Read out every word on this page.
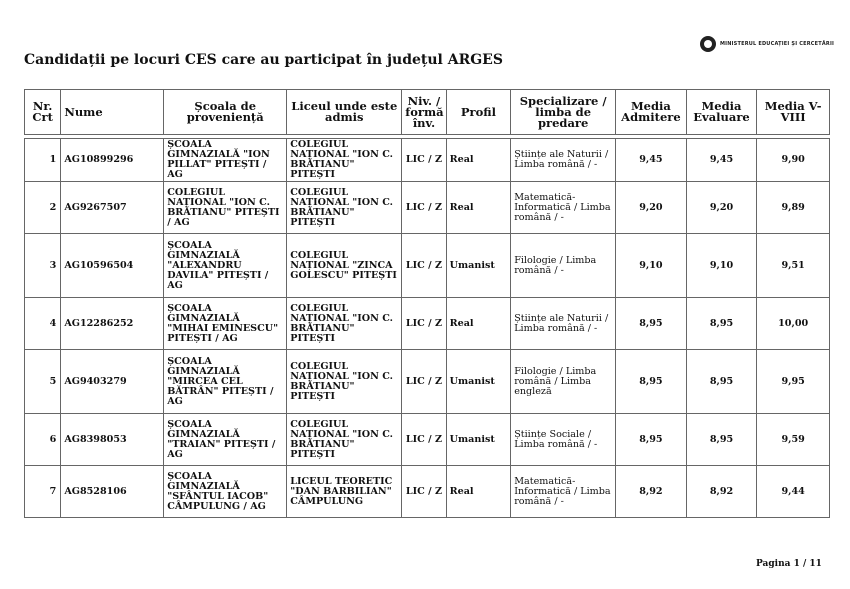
MINISTERUL EDUCAȚIEI ȘI CERCETĂRII
Candidații pe locuri CES care au participat în județul ARGES
Nr. Crt	Nume	Școala de proveniență	Liceul unde este admis	Niv. / formă înv.	Profil	Specializare / limba de predare	Media Admitere	Media Evaluare	Media V-VIII

1	AG10899296	ȘCOALA GIMNAZIALĂ "ION PILLAT" PITEȘTI / AG	COLEGIUL NAȚIONAL "ION C. BRĂTIANU" PITEȘTI	LIC / Z	Real	Științe ale Naturii / Limba română / -	9,45	9,45	9,90
2	AG9267507	COLEGIUL NAȚIONAL "ION C. BRĂTIANU" PITEȘTI / AG	COLEGIUL NAȚIONAL "ION C. BRĂTIANU" PITEȘTI	LIC / Z	Real	Matematică-Informatică / Limba română / -	9,20	9,20	9,89
3	AG10596504	ȘCOALA GIMNAZIALĂ "ALEXANDRU DAVILA" PITEȘTI / AG	COLEGIUL NAȚIONAL "ZINCA GOLESCU" PITEȘTI	LIC / Z	Umanist	Filologie / Limba română / -	9,10	9,10	9,51
4	AG12286252	ȘCOALA GIMNAZIALĂ "MIHAI EMINESCU" PITEȘTI / AG	COLEGIUL NAȚIONAL "ION C. BRĂTIANU" PITEȘTI	LIC / Z	Real	Științe ale Naturii / Limba română / -	8,95	8,95	10,00
5	AG9403279	ȘCOALA GIMNAZIALĂ "MIRCEA CEL BĂTRÂN" PITEȘTI / AG	COLEGIUL NAȚIONAL "ION C. BRĂTIANU" PITEȘTI	LIC / Z	Umanist	Filologie / Limba română / Limba engleză	8,95	8,95	9,95
6	AG8398053	ȘCOALA GIMNAZIALĂ "TRAIAN" PITEȘTI / AG	COLEGIUL NAȚIONAL "ION C. BRĂTIANU" PITEȘTI	LIC / Z	Umanist	Științe Sociale / Limba română / -	8,95	8,95	9,59
7	AG8528106	ȘCOALA GIMNAZIALĂ "SFÂNTUL IACOB" CÂMPULUNG / AG	LICEUL TEORETIC "DAN BARBILIAN" CÂMPULUNG	LIC / Z	Real	Matematică-Informatică / Limba română / -	8,92	8,92	9,44
Pagina 1 / 11
